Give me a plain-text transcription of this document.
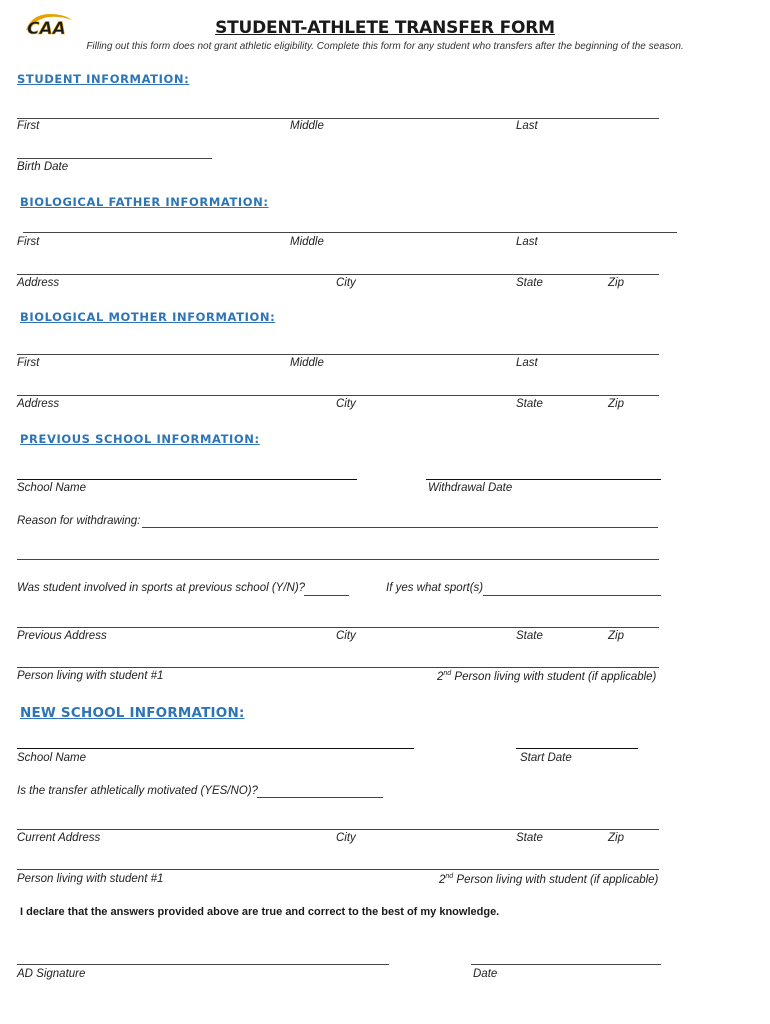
CAA	STUDENT-ATHLETE TRANSFER FORM
Filling out this form does not grant athletic eligibility. Complete this form for any student who transfers after the beginning of the season.
STUDENT INFORMATION:
First	Middle	Last
Birth Date
BIOLOGICAL FATHER INFORMATION:
First	Middle	Last
Address	City	State	Zip
BIOLOGICAL MOTHER INFORMATION:
First	Middle	Last
Address	City	State	Zip
PREVIOUS SCHOOL INFORMATION:
School Name	Withdrawal Date
Reason for withdrawing:
Was student involved in sports at previous school (Y/N)?	If yes what sport(s)
Previous Address	City	State	Zip
Person living with student #1	2nd Person living with student (if applicable)
NEW SCHOOL INFORMATION:
School Name	Start Date
Is the transfer athletically motivated (YES/NO)?
Current Address	City	State	Zip
Person living with student #1	2nd Person living with student (if applicable)
I declare that the answers provided above are true and correct to the best of my knowledge.
AD Signature	Date
